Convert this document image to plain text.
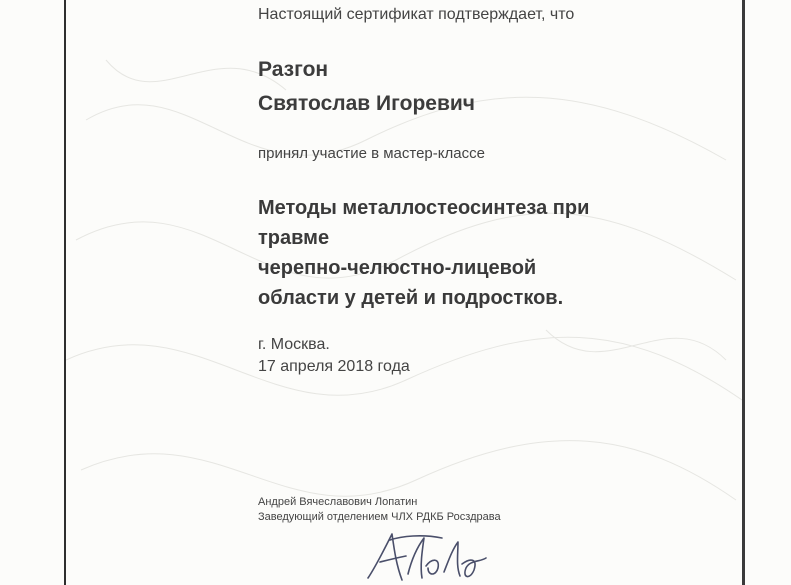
Настоящий сертификат подтверждает, что
Разгон
Святослав Игоревич
принял участие в мастер-классе
Методы металлостеосинтеза при
травме
черепно-челюстно-лицевой
области у детей и подростков.
г. Москва.
17 апреля 2018 года
Андрей Вячеславович Лопатин
Заведующий отделением ЧЛХ РДКБ Росздрава
